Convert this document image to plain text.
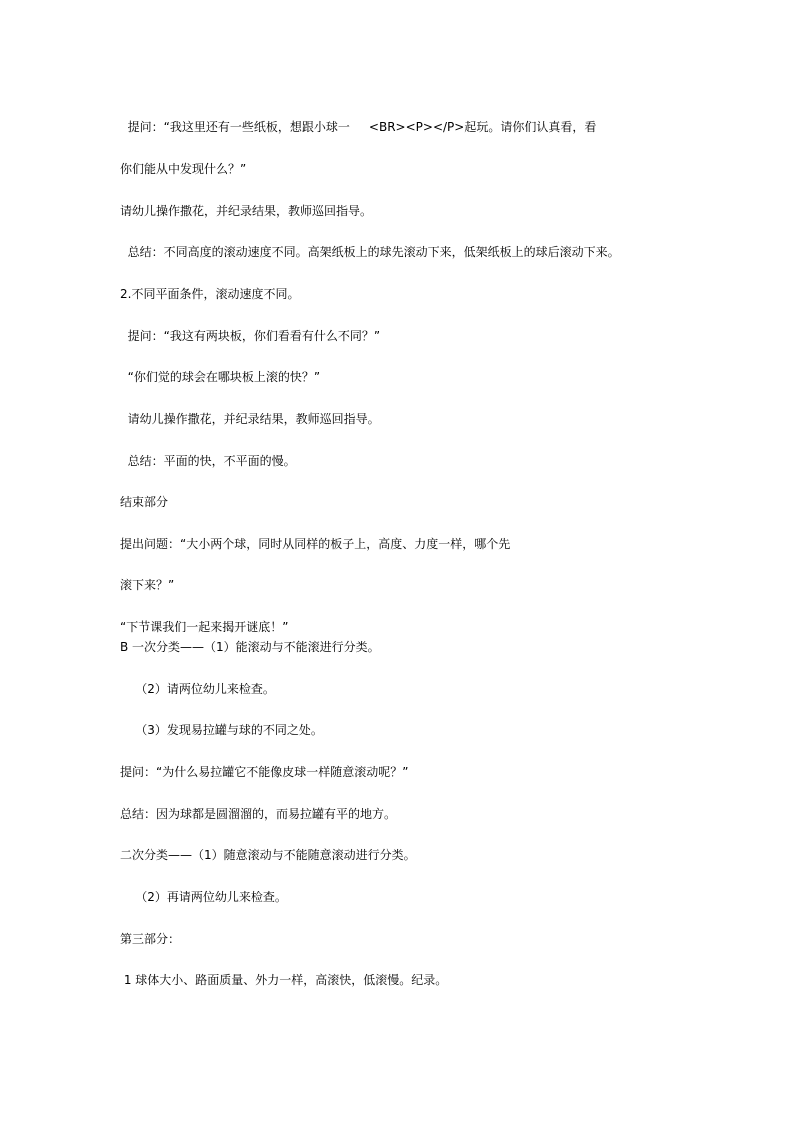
提问：“我这里还有一些纸板，想跟小球一     <BR><P></P>起玩。请你们认真看，看

你们能从中发现什么？”

请幼儿操作撒花，并纪录结果，教师巡回指导。

总结：不同高度的滚动速度不同。高架纸板上的球先滚动下来，低架纸板上的球后滚动下来。

2.不同平面条件，滚动速度不同。

提问：“我这有两块板，你们看看有什么不同？”

“你们觉的球会在哪块板上滚的快？”

请幼儿操作撒花，并纪录结果，教师巡回指导。

总结：平面的快，不平面的慢。

结束部分

提出问题：“大小两个球，同时从同样的板子上，高度、力度一样，哪个先

滚下来？”

“下节课我们一起来揭开谜底！”

B 一次分类——（1）能滚动与不能滚进行分类。

（2）请两位幼儿来检查。

（3）发现易拉罐与球的不同之处。

提问：“为什么易拉罐它不能像皮球一样随意滚动呢？”

总结：因为球都是圆溜溜的，而易拉罐有平的地方。

二次分类——（1）随意滚动与不能随意滚动进行分类。

（2）再请两位幼儿来检查。

第三部分：

1 球体大小、路面质量、外力一样，高滚快，低滚慢。纪录。
